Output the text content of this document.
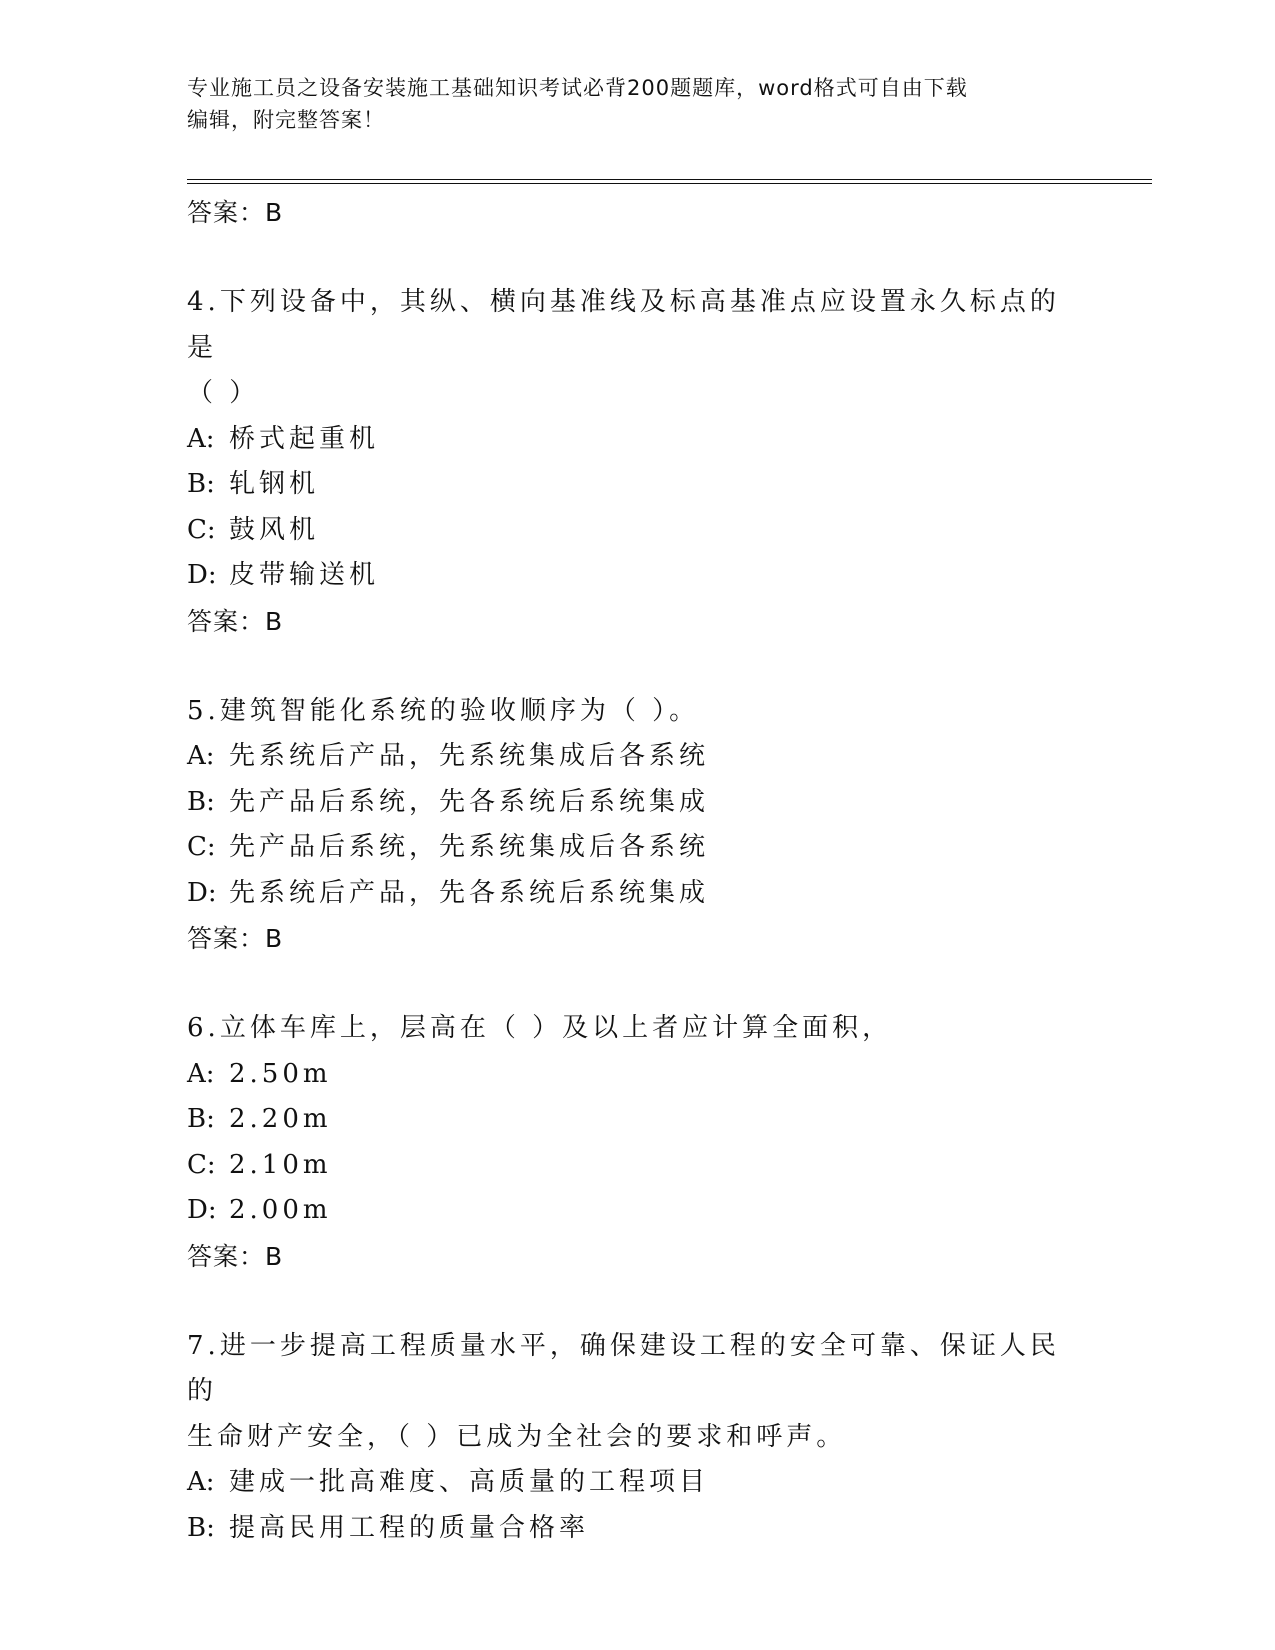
专业施工员之设备安装施工基础知识考试必背200题题库，word格式可自由下载
编辑，附完整答案！
答案：B
4.下列设备中，其纵、横向基准线及标高基准点应设置永久标点的是
（ ）
A: 桥式起重机
B: 轧钢机
C: 鼓风机
D: 皮带输送机
答案：B
5.建筑智能化系统的验收顺序为（ ）。
A: 先系统后产品，先系统集成后各系统
B: 先产品后系统，先各系统后系统集成
C: 先产品后系统，先系统集成后各系统
D: 先系统后产品，先各系统后系统集成
答案：B
6.立体车库上，层高在（ ）及以上者应计算全面积，
A: 2.50m
B: 2.20m
C: 2.10m
D: 2.00m
答案：B
7.进一步提高工程质量水平，确保建设工程的安全可靠、保证人民的
生命财产安全，（ ）已成为全社会的要求和呼声。
A: 建成一批高难度、高质量的工程项目
B: 提高民用工程的质量合格率
